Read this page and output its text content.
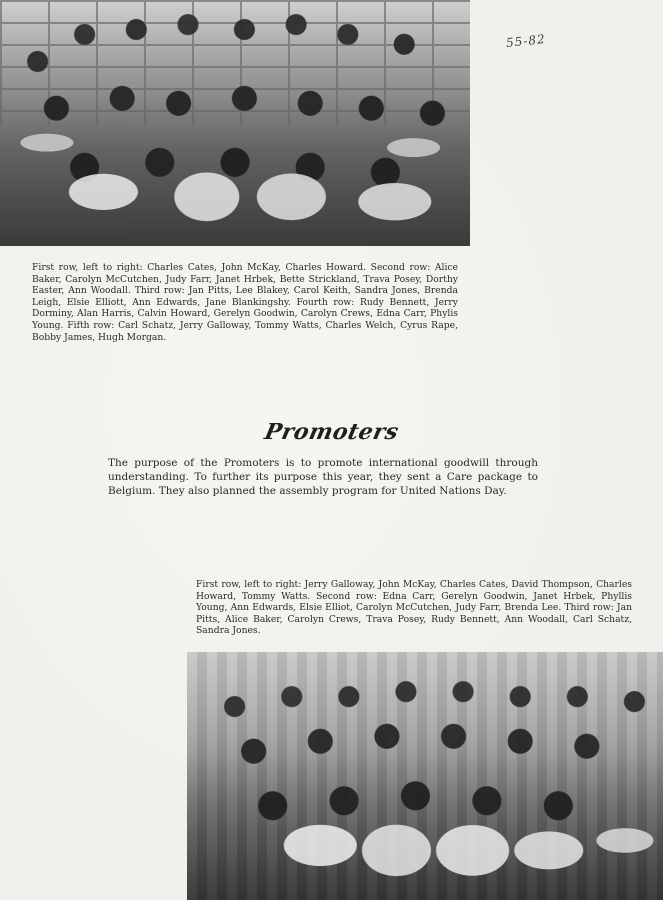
55-82
First row, left to right: Charles Cates, John McKay, Charles Howard. Second row: Alice Baker, Carolyn McCutchen, Judy Farr, Janet Hrbek, Bette Strickland, Trava Posey, Dorthy Easter, Ann Woodall. Third row: Jan Pitts, Lee Blakey, Carol Keith, Sandra Jones, Brenda Leigh, Elsie Elliott, Ann Edwards, Jane Blankingshy. Fourth row: Rudy Bennett, Jerry Dorminy, Alan Harris, Calvin Howard, Gerelyn Goodwin, Carolyn Crews, Edna Carr, Phylis Young. Fifth row: Carl Schatz, Jerry Galloway, Tommy Watts, Charles Welch, Cyrus Rape, Bobby James, Hugh Morgan.
Promoters
The purpose of the Promoters is to promote international goodwill through understanding. To further its purpose this year, they sent a Care package to Belgium. They also planned the assembly program for United Nations Day.
First row, left to right: Jerry Galloway, John McKay, Charles Cates, David Thompson, Charles Howard, Tommy Watts. Second row: Edna Carr, Gerelyn Goodwin, Janet Hrbek, Phyllis Young, Ann Edwards, Elsie Elliot, Carolyn McCutchen, Judy Farr, Brenda Lee. Third row: Jan Pitts, Alice Baker, Carolyn Crews, Trava Posey, Rudy Bennett, Ann Woodall, Carl Schatz, Sandra Jones.
